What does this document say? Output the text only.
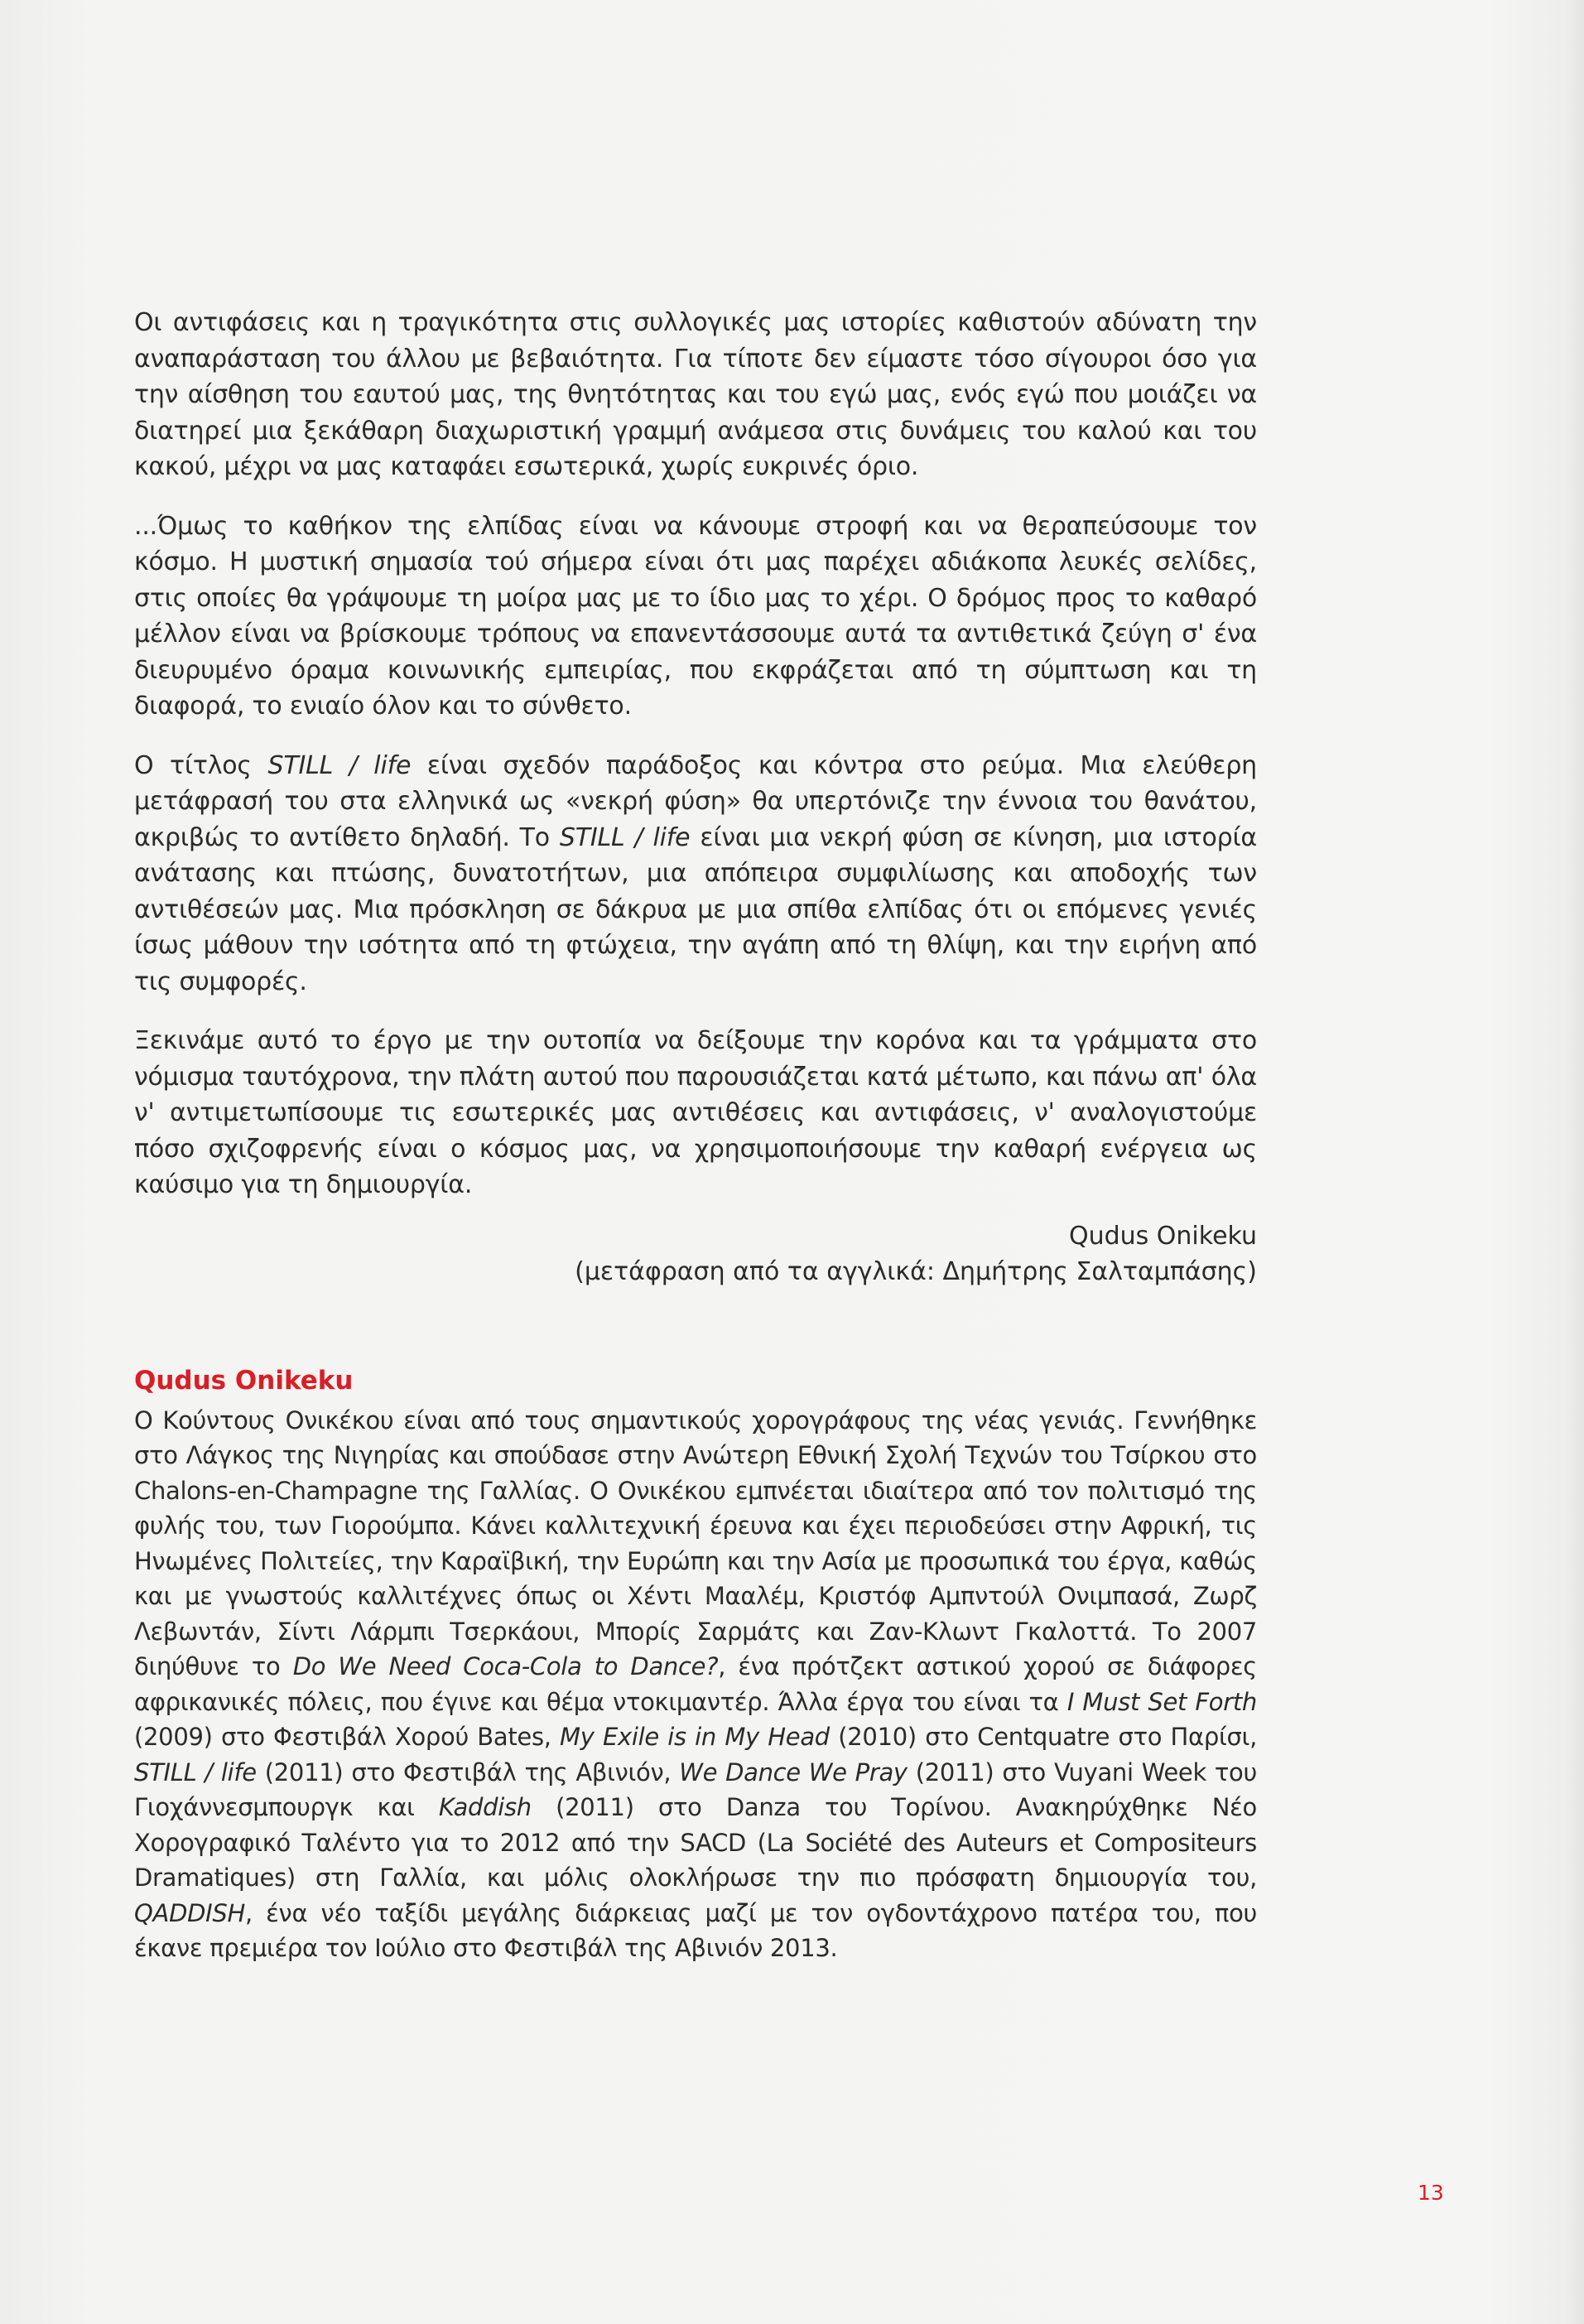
Οι αντιφάσεις και η τραγικότητα στις συλλογικές μας ιστορίες καθιστούν αδύνατη την αναπαράσταση του άλλου με βεβαιότητα. Για τίποτε δεν είμαστε τόσο σίγουροι όσο για την αίσθηση του εαυτού μας, της θνητότητας και του εγώ μας, ενός εγώ που μοιάζει να διατηρεί μια ξεκάθαρη διαχωριστική γραμμή ανάμεσα στις δυνάμεις του καλού και του κακού, μέχρι να μας καταφάει εσωτερικά, χωρίς ευκρινές όριο.

...Όμως το καθήκον της ελπίδας είναι να κάνουμε στροφή και να θεραπεύσουμε τον κόσμο. Η μυστική σημασία τού σήμερα είναι ότι μας παρέχει αδιάκοπα λευκές σελίδες, στις οποίες θα γράψουμε τη μοίρα μας με το ίδιο μας το χέρι. Ο δρόμος προς το καθαρό μέλλον είναι να βρίσκουμε τρόπους να επανεντάσσουμε αυτά τα αντιθετικά ζεύγη σ' ένα διευρυμένο όραμα κοινωνικής εμπειρίας, που εκφράζεται από τη σύμπτωση και τη διαφορά, το ενιαίο όλον και το σύνθετο.

Ο τίτλος STILL / life είναι σχεδόν παράδοξος και κόντρα στο ρεύμα. Μια ελεύθερη μετάφρασή του στα ελληνικά ως «νεκρή φύση» θα υπερτόνιζε την έννοια του θανάτου, ακριβώς το αντίθετο δηλαδή. Το STILL / life είναι μια νεκρή φύση σε κίνηση, μια ιστορία ανάτασης και πτώσης, δυνατοτήτων, μια απόπειρα συμφιλίωσης και αποδοχής των αντιθέσεών μας. Μια πρόσκληση σε δάκρυα με μια σπίθα ελπίδας ότι οι επόμενες γενιές ίσως μάθουν την ισότητα από τη φτώχεια, την αγάπη από τη θλίψη, και την ειρήνη από τις συμφορές.

Ξεκινάμε αυτό το έργο με την ουτοπία να δείξουμε την κορόνα και τα γράμματα στο νόμισμα ταυτόχρονα, την πλάτη αυτού που παρουσιάζεται κατά μέτωπο, και πάνω απ' όλα ν' αντιμετωπίσουμε τις εσωτερικές μας αντιθέσεις και αντιφάσεις, ν' αναλογιστούμε πόσο σχιζοφρενής είναι ο κόσμος μας, να χρησιμοποιήσουμε την καθαρή ενέργεια ως καύσιμο για τη δημιουργία.

Qudus Onikeku
(μετάφραση από τα αγγλικά: Δημήτρης Σαλταμπάσης)
Qudus Onikeku

Ο Κούντους Ονικέκου είναι από τους σημαντικούς χορογράφους της νέας γενιάς. Γεννήθηκε στο Λάγκος της Νιγηρίας και σπούδασε στην Ανώτερη Εθνική Σχολή Τεχνών του Τσίρκου στο Chalons-en-Champagne της Γαλλίας. Ο Ονικέκου εμπνέεται ιδιαίτερα από τον πολιτισμό της φυλής του, των Γιορούμπα. Κάνει καλλιτεχνική έρευνα και έχει περιοδεύσει στην Αφρική, τις Ηνωμένες Πολιτείες, την Καραϊβική, την Ευρώπη και την Ασία με προσωπικά του έργα, καθώς και με γνωστούς καλλιτέχνες όπως οι Χέντι Μααλέμ, Κριστόφ Αμπντούλ Ονιμπασά, Ζωρζ Λεβωντάν, Σίντι Λάρμπι Τσερκάουι, Μπορίς Σαρμάτς και Ζαν-Κλωντ Γκαλοττά. Το 2007 διηύθυνε το Do We Need Coca-Cola to Dance?, ένα πρότζεκτ αστικού χορού σε διάφορες αφρικανικές πόλεις, που έγινε και θέμα ντοκιμαντέρ. Άλλα έργα του είναι τα I Must Set Forth (2009) στο Φεστιβάλ Χορού Bates, My Exile is in My Head (2010) στο Centquatre στο Παρίσι, STILL / life (2011) στο Φεστιβάλ της Αβινιόν, We Dance We Pray (2011) στο Vuyani Week του Γιοχάννεσμπουργκ και Kaddish (2011) στο Danza του Τορίνου. Ανακηρύχθηκε Νέο Χορογραφικό Ταλέντο για το 2012 από την SACD (La Société des Auteurs et Compositeurs Dramatiques) στη Γαλλία, και μόλις ολοκλήρωσε την πιο πρόσφατη δημιουργία του, QADDISH, ένα νέο ταξίδι μεγάλης διάρκειας μαζί με τον ογδοντάχρονο πατέρα του, που έκανε πρεμιέρα τον Ιούλιο στο Φεστιβάλ της Αβινιόν 2013.

13
